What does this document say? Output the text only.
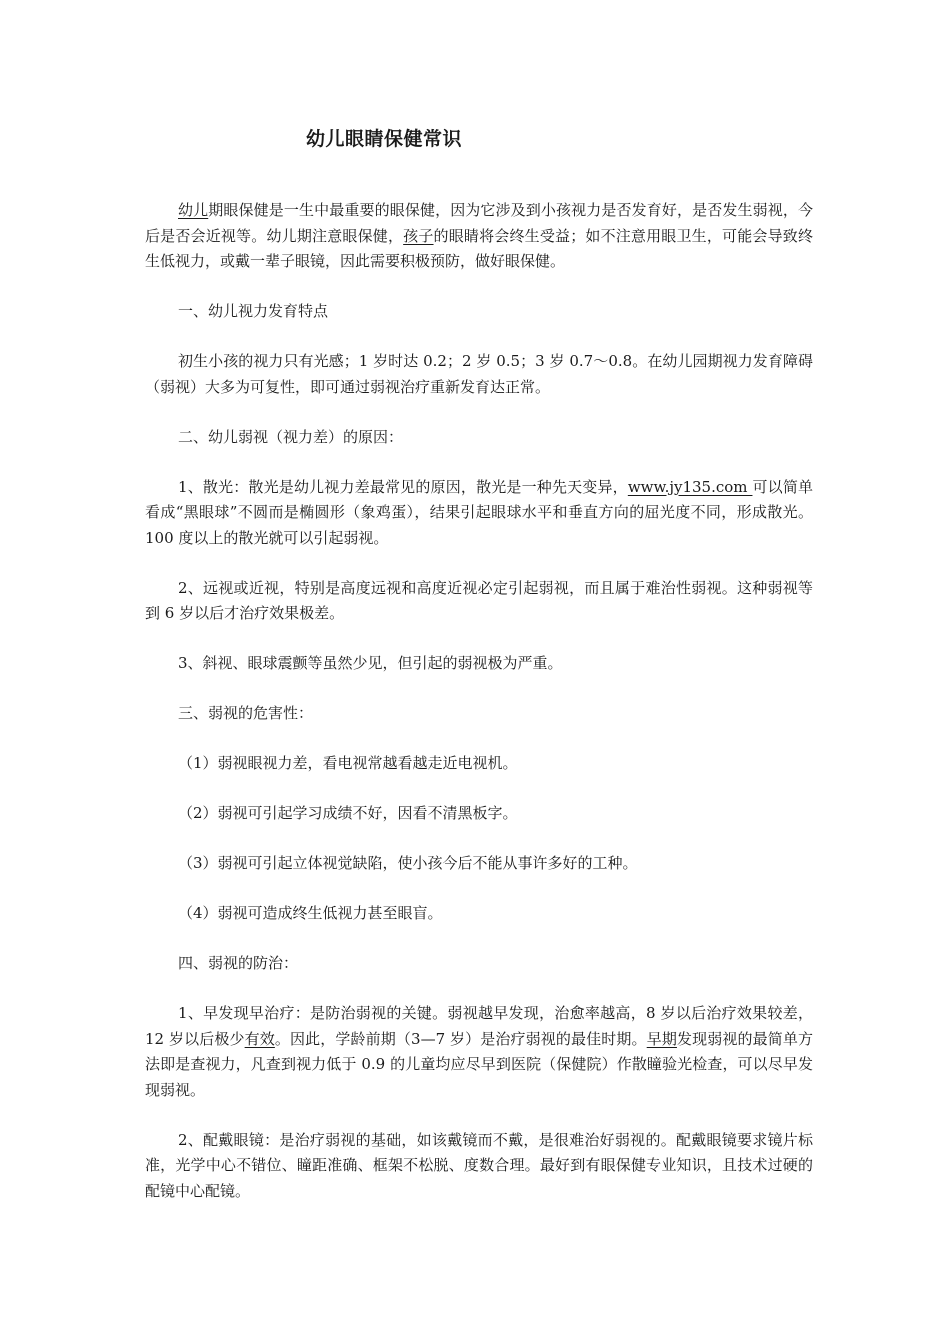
幼儿眼睛保健常识

幼儿期眼保健是一生中最重要的眼保健，因为它涉及到小孩视力是否发育好，是否发生弱视，今后是否会近视等。幼儿期注意眼保健，孩子的眼睛将会终生受益；如不注意用眼卫生，可能会导致终生低视力，或戴一辈子眼镜，因此需要积极预防，做好眼保健。

一、幼儿视力发育特点

初生小孩的视力只有光感；1 岁时达 0.2；2 岁 0.5；3 岁 0.7～0.8。在幼儿园期视力发育障碍（弱视）大多为可复性，即可通过弱视治疗重新发育达正常。

二、幼儿弱视（视力差）的原因：

1、散光：散光是幼儿视力差最常见的原因，散光是一种先天变异，www.jy135.com 可以简单看成“黑眼球”不圆而是椭圆形（象鸡蛋），结果引起眼球水平和垂直方向的屈光度不同，形成散光。100 度以上的散光就可以引起弱视。

2、远视或近视，特别是高度远视和高度近视必定引起弱视，而且属于难治性弱视。这种弱视等到 6 岁以后才治疗效果极差。

3、斜视、眼球震颤等虽然少见，但引起的弱视极为严重。

三、弱视的危害性：

（1）弱视眼视力差，看电视常越看越走近电视机。

（2）弱视可引起学习成绩不好，因看不清黑板字。

（3）弱视可引起立体视觉缺陷，使小孩今后不能从事许多好的工种。

（4）弱视可造成终生低视力甚至眼盲。

四、弱视的防治：

1、早发现早治疗：是防治弱视的关键。弱视越早发现，治愈率越高，8 岁以后治疗效果较差，12 岁以后极少有效。因此，学龄前期（3—7 岁）是治疗弱视的最佳时期。早期发现弱视的最简单方法即是查视力，凡查到视力低于 0.9 的儿童均应尽早到医院（保健院）作散瞳验光检查，可以尽早发现弱视。

2、配戴眼镜：是治疗弱视的基础，如该戴镜而不戴，是很难治好弱视的。配戴眼镜要求镜片标准，光学中心不错位、瞳距准确、框架不松脱、度数合理。最好到有眼保健专业知识，且技术过硬的配镜中心配镜。
